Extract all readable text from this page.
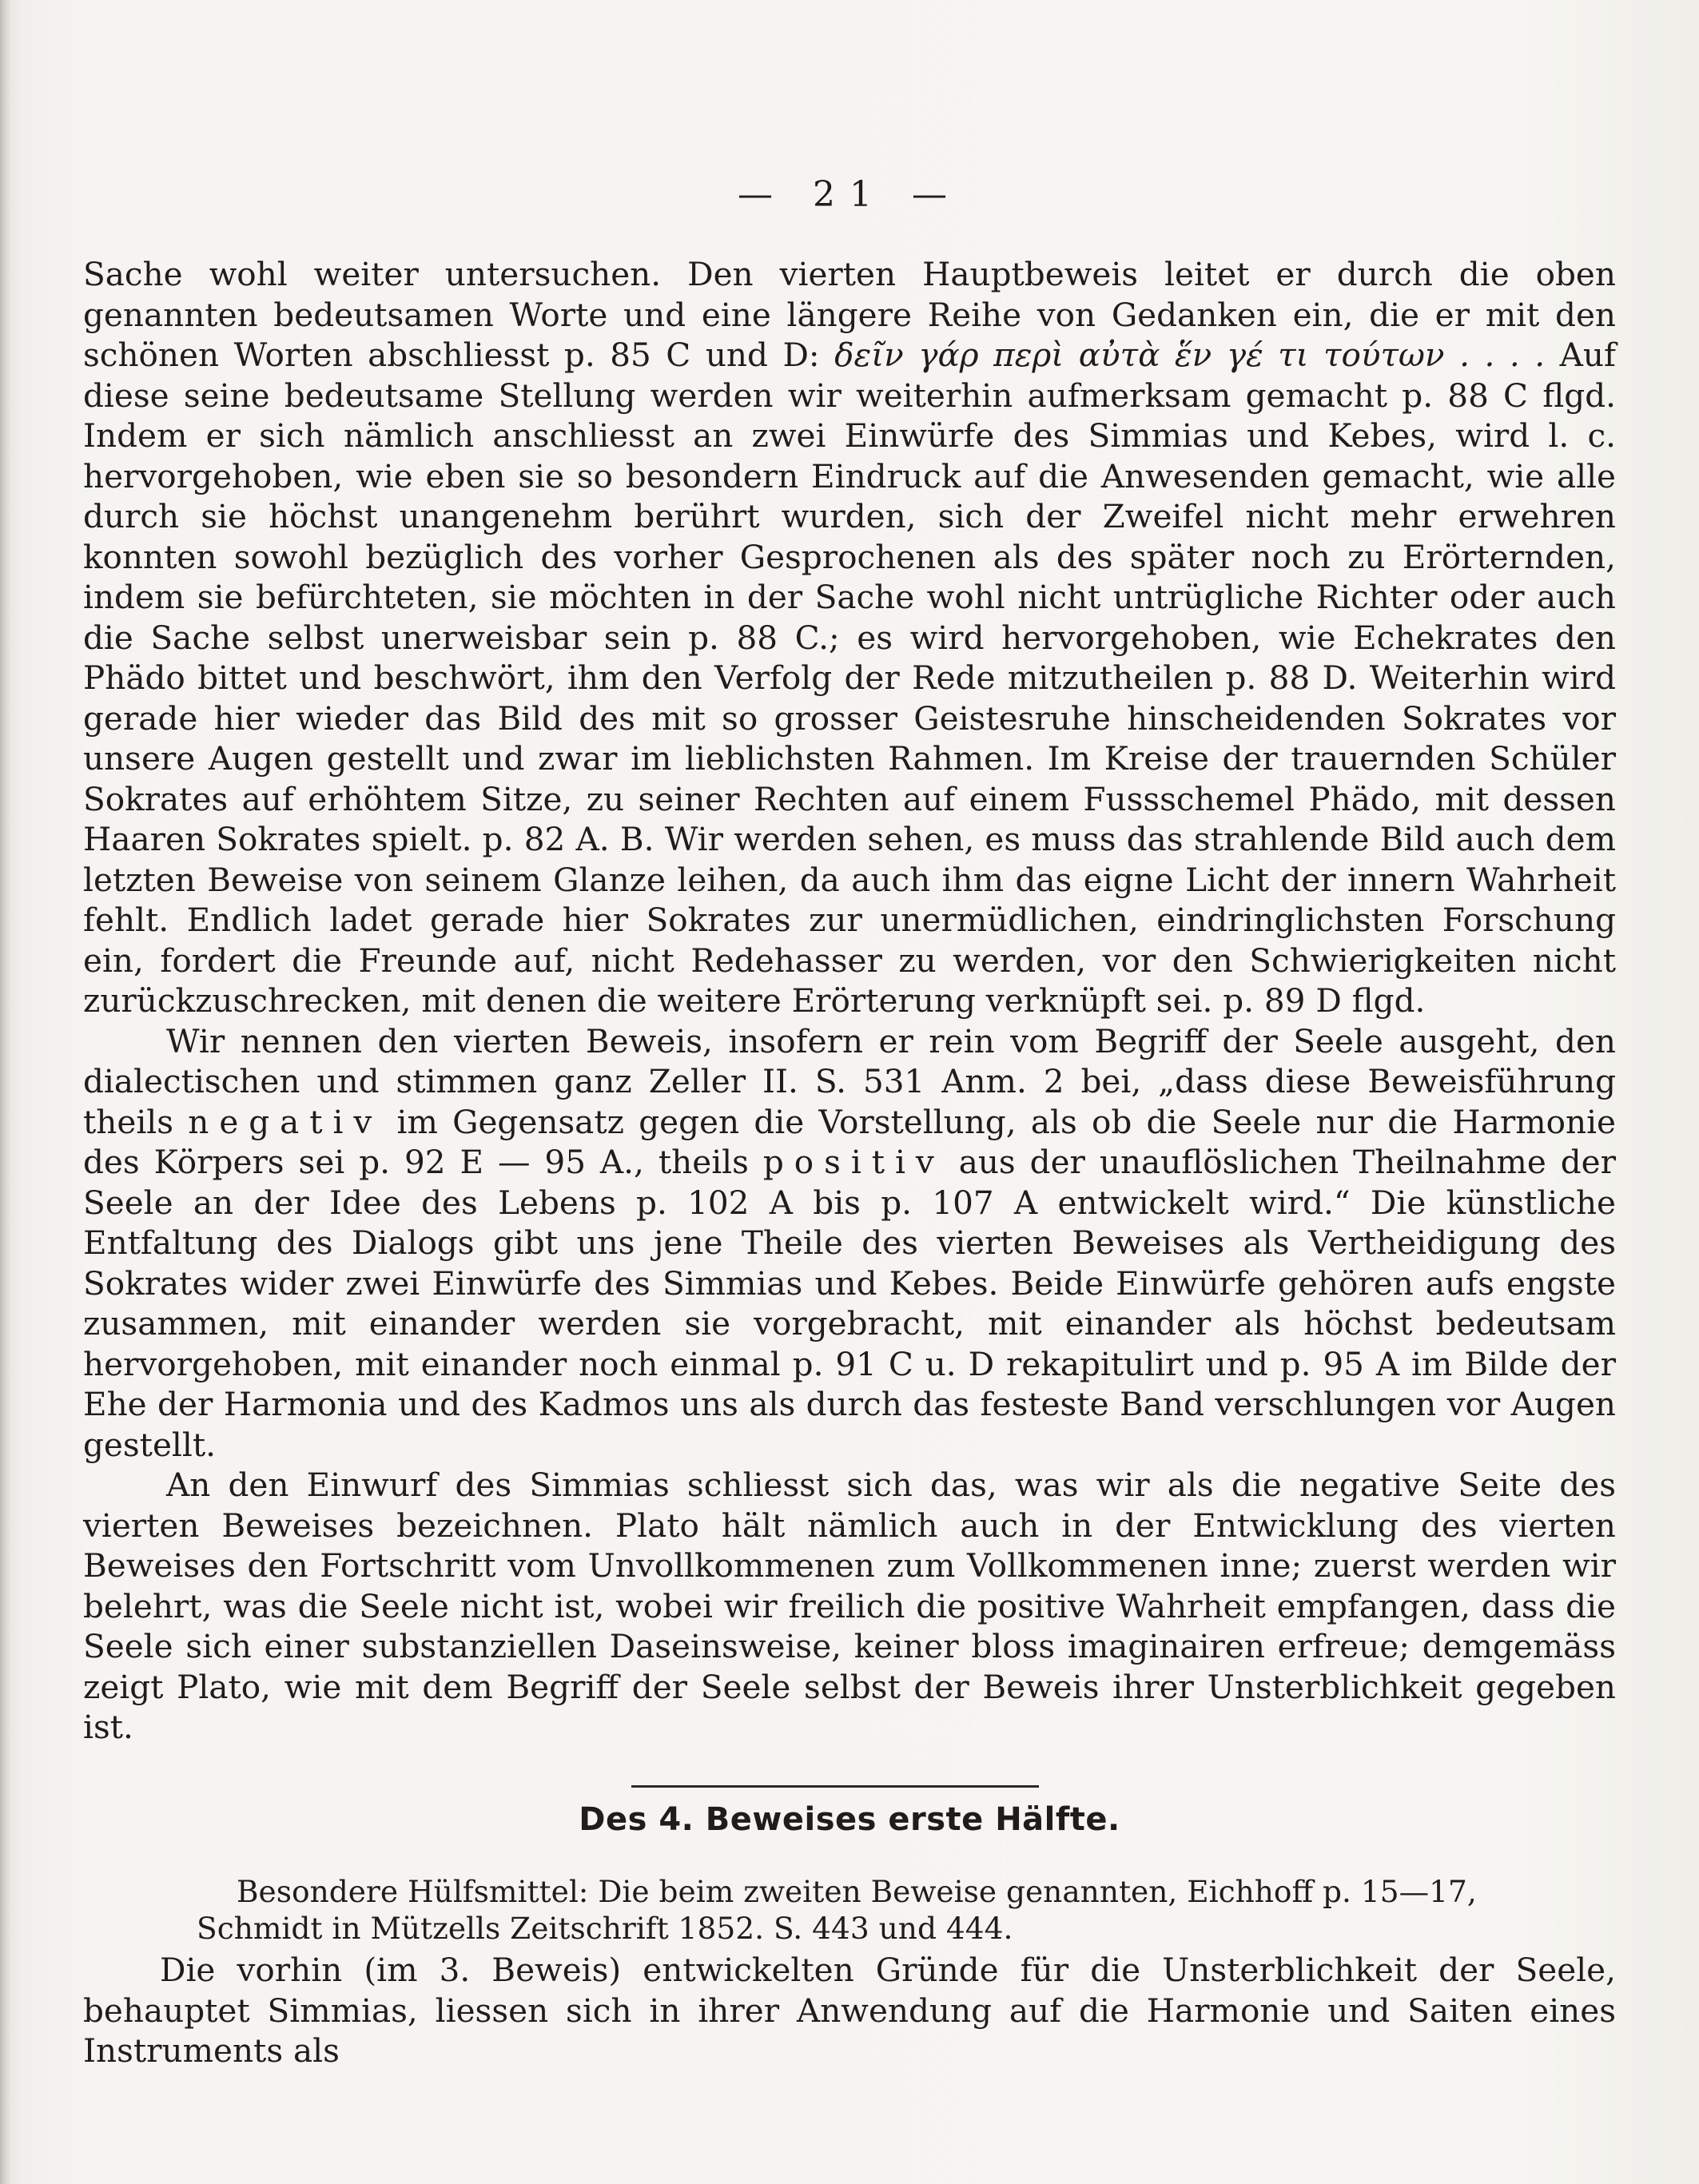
— 21 —

Sache wohl weiter untersuchen. Den vierten Hauptbeweis leitet er durch die oben genannten bedeutsamen Worte und eine längere Reihe von Gedanken ein, die er mit den schönen Worten abschliesst p. 85 C und D: δεῖν γάρ περὶ αὐτὰ ἕν γέ τι τούτων . . . . Auf diese seine bedeutsame Stellung werden wir weiterhin aufmerksam gemacht p. 88 C flgd. Indem er sich nämlich anschliesst an zwei Einwürfe des Simmias und Kebes, wird l. c. hervorgehoben, wie eben sie so besondern Eindruck auf die Anwesenden gemacht, wie alle durch sie höchst unangenehm berührt wurden, sich der Zweifel nicht mehr erwehren konnten sowohl bezüglich des vorher Gesprochenen als des später noch zu Erörternden, indem sie befürchteten, sie möchten in der Sache wohl nicht untrügliche Richter oder auch die Sache selbst unerweisbar sein p. 88 C.; es wird hervorgehoben, wie Echekrates den Phädo bittet und beschwört, ihm den Verfolg der Rede mitzutheilen p. 88 D. Weiterhin wird gerade hier wieder das Bild des mit so grosser Geistesruhe hinscheidenden Sokrates vor unsere Augen gestellt und zwar im lieblichsten Rahmen. Im Kreise der trauernden Schüler Sokrates auf erhöhtem Sitze, zu seiner Rechten auf einem Fussschemel Phädo, mit dessen Haaren Sokrates spielt. p. 82 A. B. Wir werden sehen, es muss das strahlende Bild auch dem letzten Beweise von seinem Glanze leihen, da auch ihm das eigne Licht der innern Wahrheit fehlt. Endlich ladet gerade hier Sokrates zur unermüdlichen, eindringlichsten Forschung ein, fordert die Freunde auf, nicht Redehasser zu werden, vor den Schwierigkeiten nicht zurückzuschrecken, mit denen die weitere Erörterung verknüpft sei. p. 89 D flgd.

Wir nennen den vierten Beweis, insofern er rein vom Begriff der Seele ausgeht, den dialectischen und stimmen ganz Zeller II. S. 531 Anm. 2 bei, „dass diese Beweisführung theils negativ im Gegensatz gegen die Vorstellung, als ob die Seele nur die Harmonie des Körpers sei p. 92 E — 95 A., theils positiv aus der unauflöslichen Theilnahme der Seele an der Idee des Lebens p. 102 A bis p. 107 A entwickelt wird.“ Die künstliche Entfaltung des Dialogs gibt uns jene Theile des vierten Beweises als Vertheidigung des Sokrates wider zwei Einwürfe des Simmias und Kebes. Beide Einwürfe gehören aufs engste zusammen, mit einander werden sie vorgebracht, mit einander als höchst bedeutsam hervorgehoben, mit einander noch einmal p. 91 C u. D rekapitulirt und p. 95 A im Bilde der Ehe der Harmonia und des Kadmos uns als durch das festeste Band verschlungen vor Augen gestellt.

An den Einwurf des Simmias schliesst sich das, was wir als die negative Seite des vierten Beweises bezeichnen. Plato hält nämlich auch in der Entwicklung des vierten Beweises den Fortschritt vom Unvollkommenen zum Vollkommenen inne; zuerst werden wir belehrt, was die Seele nicht ist, wobei wir freilich die positive Wahrheit empfangen, dass die Seele sich einer substanziellen Daseinsweise, keiner bloss imaginairen erfreue; demgemäss zeigt Plato, wie mit dem Begriff der Seele selbst der Beweis ihrer Unsterblichkeit gegeben ist.

Des 4. Beweises erste Hälfte.
Besondere Hülfsmittel: Die beim zweiten Beweise genannten, Eichhoff p. 15—17,
Schmidt in Mützells Zeitschrift 1852. S. 443 und 444.

Die vorhin (im 3. Beweis) entwickelten Gründe für die Unsterblichkeit der Seele, behauptet Simmias, liessen sich in ihrer Anwendung auf die Harmonie und Saiten eines Instruments als
